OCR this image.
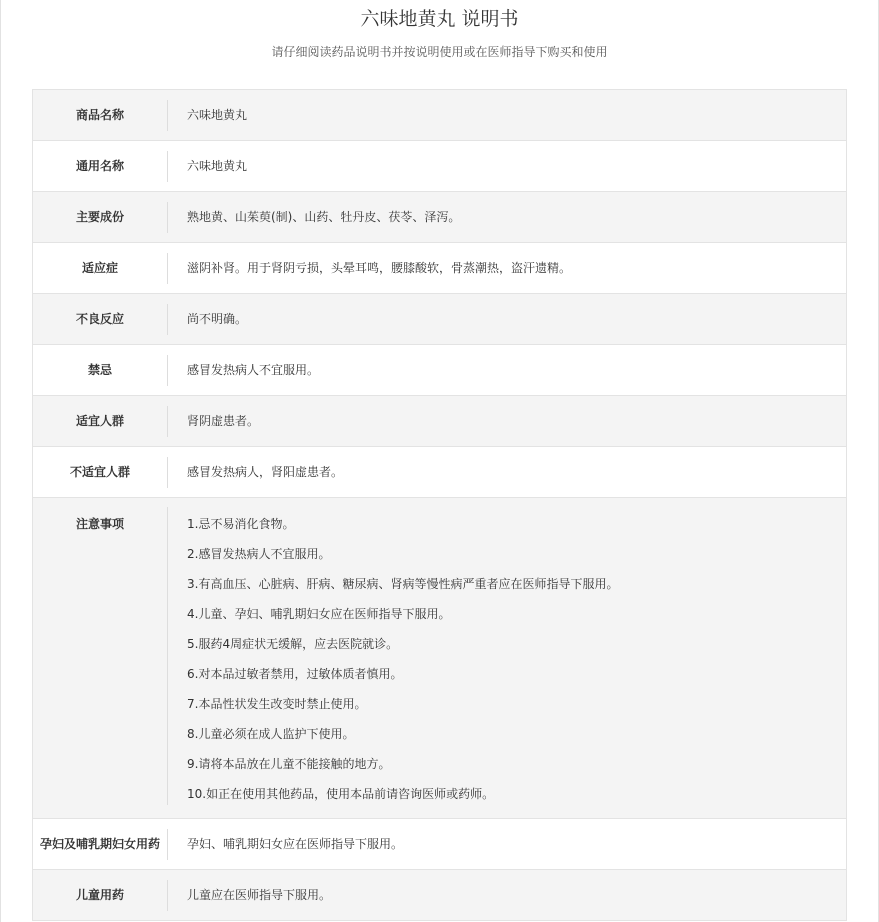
六味地黄丸 说明书
请仔细阅读药品说明书并按说明使用或在医师指导下购买和使用
商品名称	六味地黄丸
通用名称	六味地黄丸
主要成份	熟地黄、山茱萸(制)、山药、牡丹皮、茯苓、泽泻。
适应症	滋阴补肾。用于肾阴亏损，头晕耳鸣，腰膝酸软，骨蒸潮热，盗汗遗精。
不良反应	尚不明确。
禁忌	感冒发热病人不宜服用。
适宜人群	肾阴虚患者。
不适宜人群	感冒发热病人，肾阳虚患者。
注意事项	1.忌不易消化食物。
2.感冒发热病人不宜服用。
3.有高血压、心脏病、肝病、糖尿病、肾病等慢性病严重者应在医师指导下服用。
4.儿童、孕妇、哺乳期妇女应在医师指导下服用。
5.服药4周症状无缓解，应去医院就诊。
6.对本品过敏者禁用，过敏体质者慎用。
7.本品性状发生改变时禁止使用。
8.儿童必须在成人监护下使用。
9.请将本品放在儿童不能接触的地方。
10.如正在使用其他药品，使用本品前请咨询医师或药师。
孕妇及哺乳期妇女用药	孕妇、哺乳期妇女应在医师指导下服用。
儿童用药	儿童应在医师指导下服用。
